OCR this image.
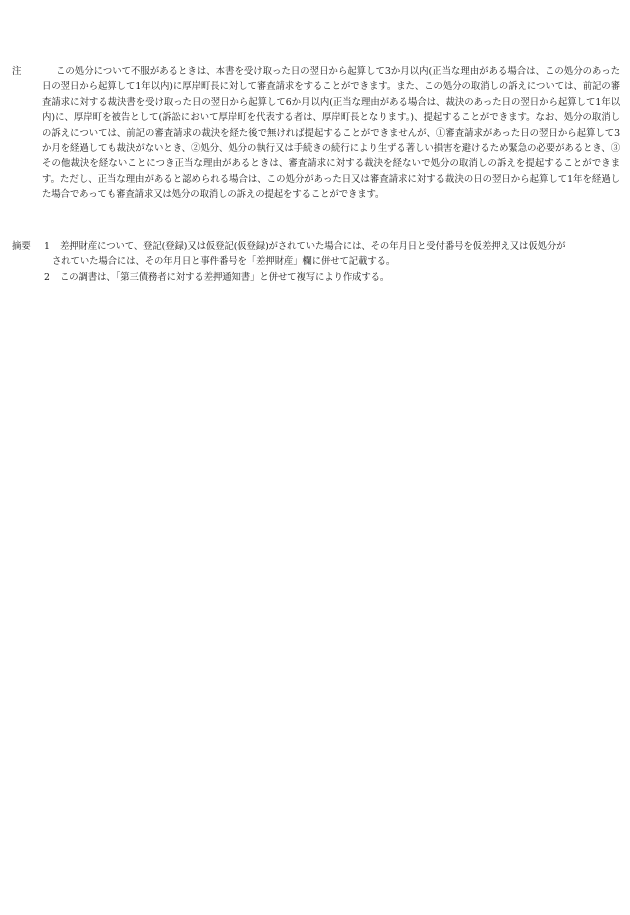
注	この処分について不服があるときは、本書を受け取った日の翌日から起算して3か月以内(正当な理由がある場合は、この処分のあった日の翌日から起算して1年以内)に厚岸町長に対して審査請求をすることができます。また、この処分の取消しの訴えについては、前記の審査請求に対する裁決書を受け取った日の翌日から起算して6か月以内(正当な理由がある場合は、裁決のあった日の翌日から起算して1年以内)に、厚岸町を被告として(訴訟において厚岸町を代表する者は、厚岸町長となります。)、提起することができます。なお、処分の取消しの訴えについては、前記の審査請求の裁決を経た後で無ければ提起することができませんが、①審査請求があった日の翌日から起算して3か月を経過しても裁決がないとき、②処分、処分の執行又は手続きの続行により生ずる著しい損害を避けるため緊急の必要があるとき、③その他裁決を経ないことにつき正当な理由があるときは、審査請求に対する裁決を経ないで処分の取消しの訴えを提起することができます。ただし、正当な理由があると認められる場合は、この処分があった日又は審査請求に対する裁決の日の翌日から起算して1年を経過した場合であっても審査請求又は処分の取消しの訴えの提起をすることができます。
摘要	1 差押財産について、登記(登録)又は仮登記(仮登録)がされていた場合には、その年月日と受付番号を仮差押え又は仮処分が
されていた場合には、その年月日と事件番号を「差押財産」欄に併せて記載する。
2 この調書は、「第三債務者に対する差押通知書」と併せて複写により作成する。
